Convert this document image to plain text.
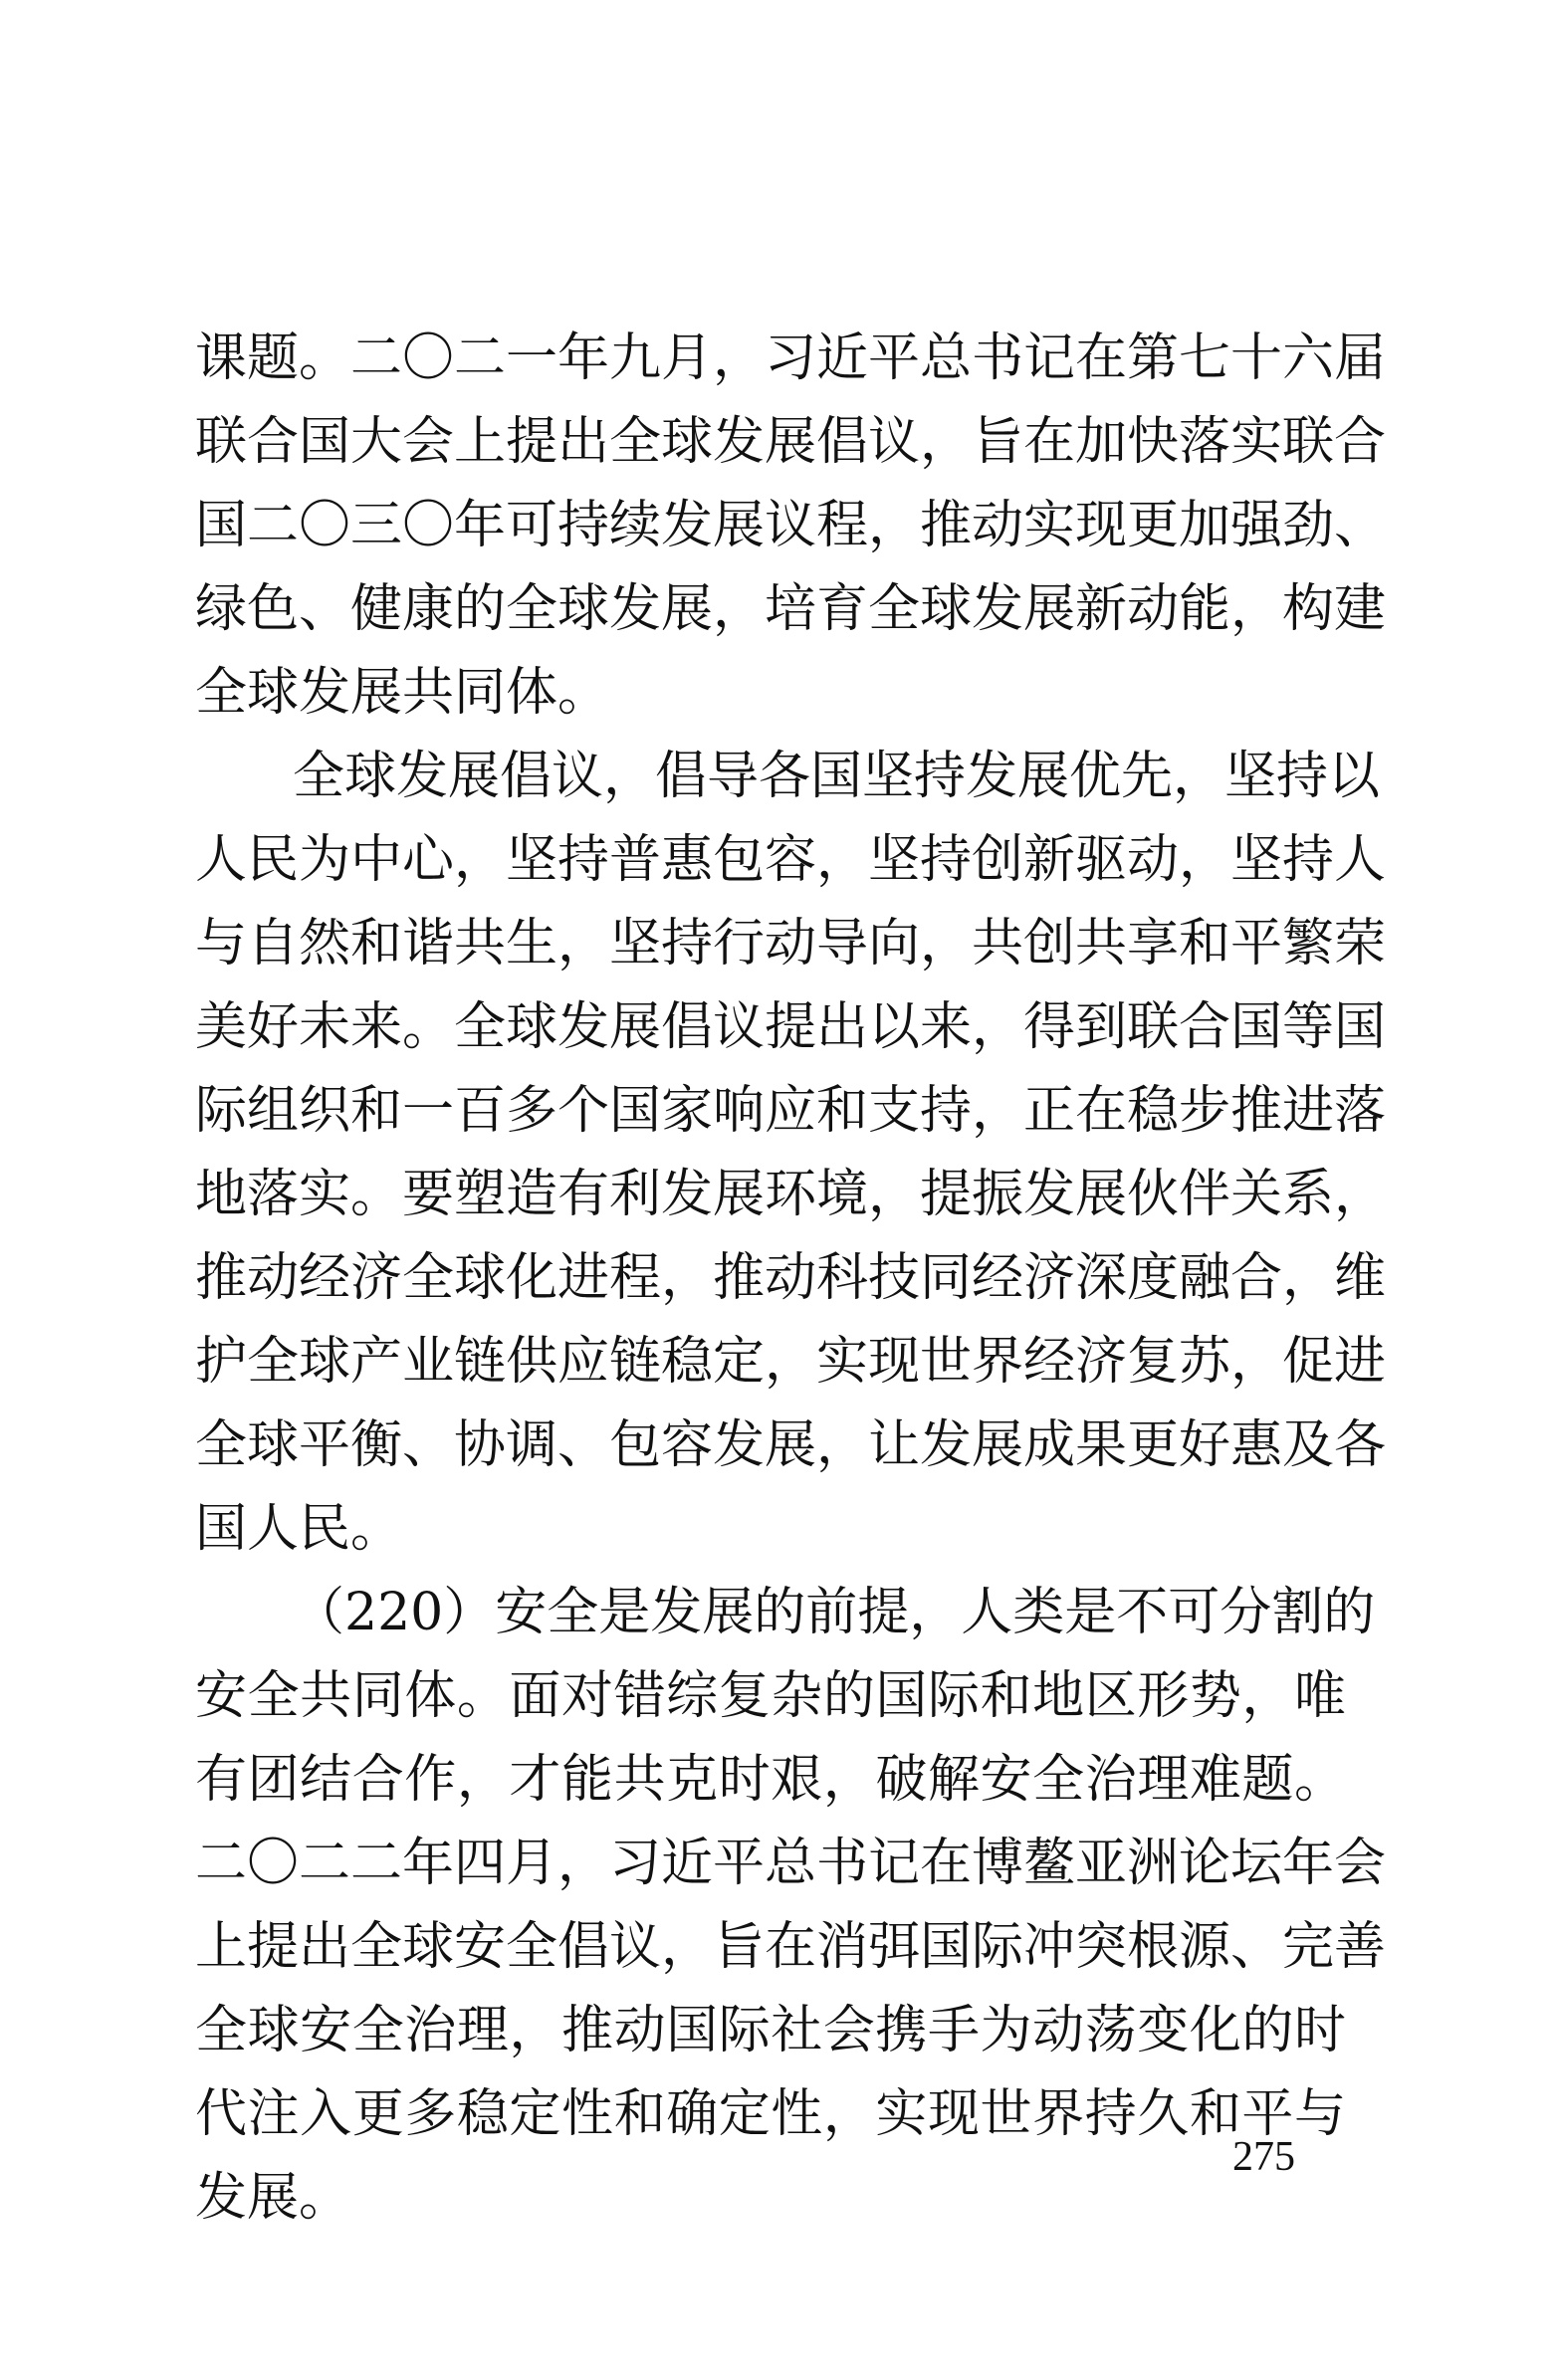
课题。二〇二一年九月，习近平总书记在第七十六届
联合国大会上提出全球发展倡议，旨在加快落实联合
国二〇三〇年可持续发展议程，推动实现更加强劲、
绿色、健康的全球发展，培育全球发展新动能，构建
全球发展共同体。
全球发展倡议，倡导各国坚持发展优先，坚持以
人民为中心，坚持普惠包容，坚持创新驱动，坚持人
与自然和谐共生，坚持行动导向，共创共享和平繁荣
美好未来。全球发展倡议提出以来，得到联合国等国
际组织和一百多个国家响应和支持，正在稳步推进落
地落实。要塑造有利发展环境，提振发展伙伴关系，
推动经济全球化进程，推动科技同经济深度融合，维
护全球产业链供应链稳定，实现世界经济复苏，促进
全球平衡、协调、包容发展，让发展成果更好惠及各
国人民。
（220）安全是发展的前提，人类是不可分割的
安全共同体。面对错综复杂的国际和地区形势，唯
有团结合作，才能共克时艰，破解安全治理难题。
二〇二二年四月，习近平总书记在博鳌亚洲论坛年会
上提出全球安全倡议，旨在消弭国际冲突根源、完善
全球安全治理，推动国际社会携手为动荡变化的时
代注入更多稳定性和确定性，实现世界持久和平与
发展。
275
